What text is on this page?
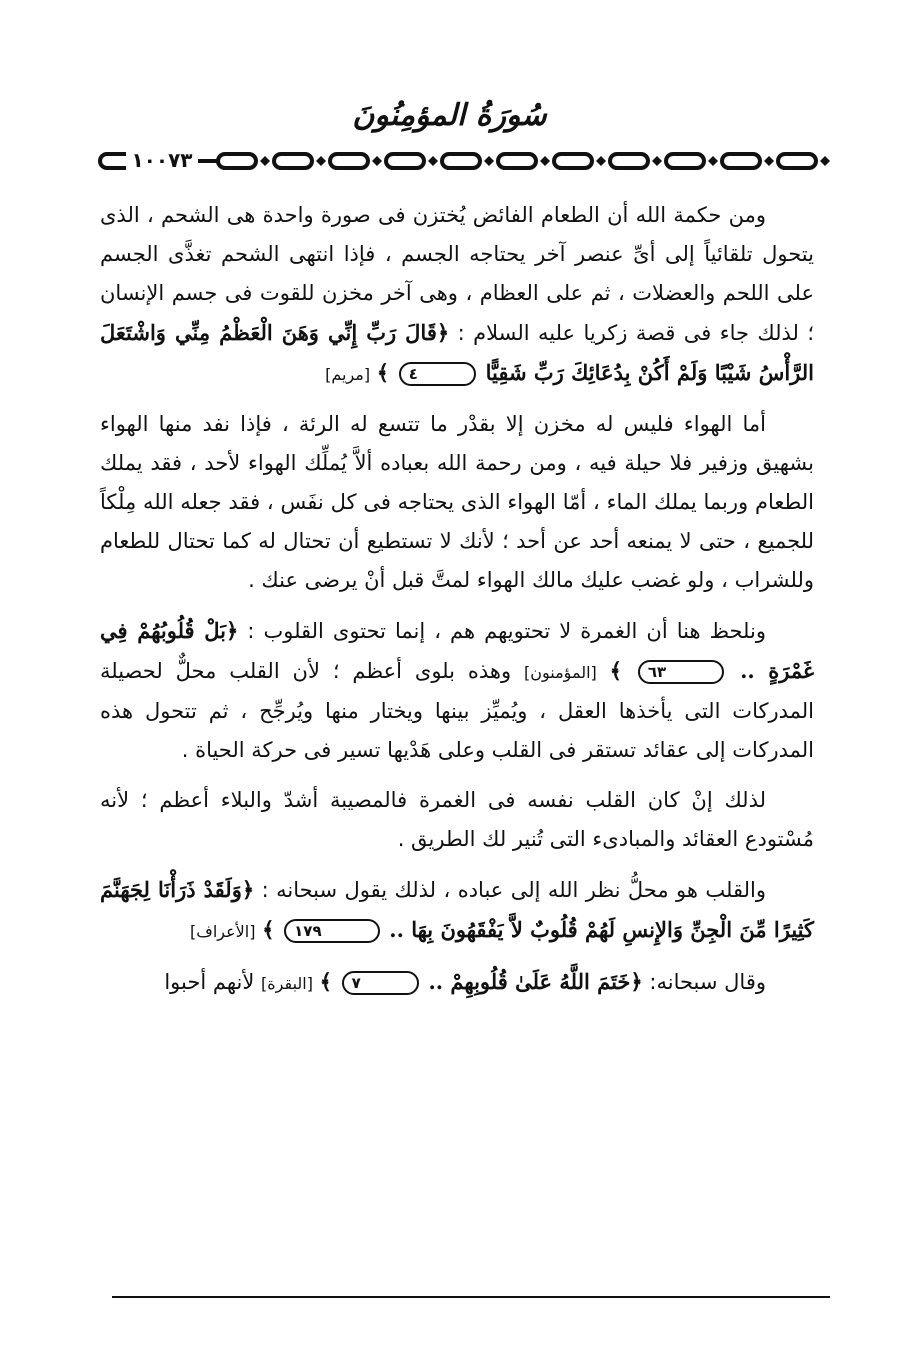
سُورَةُ المؤمِنُونَ
١٠٠٧٣

ومن حكمة الله أن الطعام الفائض يُختزن فى صورة واحدة هى الشحم ، الذى يتحول تلقائياً إلى أىِّ عنصر آخر يحتاجه الجسم ، فإذا انتهى الشحم تغذَّى الجسم على اللحم والعضلات ، ثم على العظام ، وهى آخر مخزن للقوت فى جسم الإنسان ؛ لذلك جاء فى قصة زكريا عليه السلام : ﴿قَالَ رَبِّ إِنِّي وَهَنَ الْعَظْمُ مِنِّي وَاشْتَعَلَ الرَّأْسُ شَيْبًا وَلَمْ أَكُنْ بِدُعَائِكَ رَبِّ شَقِيًّا ٤ ﴾ [مريم]

أما الهواء فليس له مخزن إلا بقدْر ما تتسع له الرئة ، فإذا نفد منها الهواء بشهيق وزفير فلا حيلة فيه ، ومن رحمة الله بعباده ألاَّ يُملِّك الهواء لأحد ، فقد يملك الطعام وربما يملك الماء ، أمّا الهواء الذى يحتاجه فى كل نفَس ، فقد جعله الله مِلْكاً للجميع ، حتى لا يمنعه أحد عن أحد ؛ لأنك لا تستطيع أن تحتال له كما تحتال للطعام وللشراب ، ولو غضب عليك مالك الهواء لمتَّ قبل أنْ يرضى عنك .

ونلحظ هنا أن الغمرة لا تحتويهم هم ، إنما تحتوى القلوب : ﴿بَلْ قُلُوبُهُمْ فِي غَمْرَةٍ .. ٦٣ ﴾ [المؤمنون] وهذه بلوى أعظم ؛ لأن القلب محلٌّ لحصيلة المدركات التى يأخذها العقل ، ويُميِّز بينها ويختار منها ويُرجِّح ، ثم تتحول هذه المدركات إلى عقائد تستقر فى القلب وعلى هَدْيها تسير فى حركة الحياة .

لذلك إنْ كان القلب نفسه فى الغمرة فالمصيبة أشدّ والبلاء أعظم ؛ لأنه مُسْتودع العقائد والمبادىء التى تُنير لك الطريق .

والقلب هو محلُّ نظر الله إلى عباده ، لذلك يقول سبحانه : ﴿وَلَقَدْ ذَرَأْنَا لِجَهَنَّمَ كَثِيرًا مِّنَ الْجِنِّ وَالإِنسِ لَهُمْ قُلُوبٌ لاَّ يَفْقَهُونَ بِهَا .. ١٧٩ ﴾ [الأعراف]

وقال سبحانه: ﴿خَتَمَ اللَّهُ عَلَىٰ قُلُوبِهِمْ .. ٧ ﴾ [البقرة] لأنهم أحبوا
